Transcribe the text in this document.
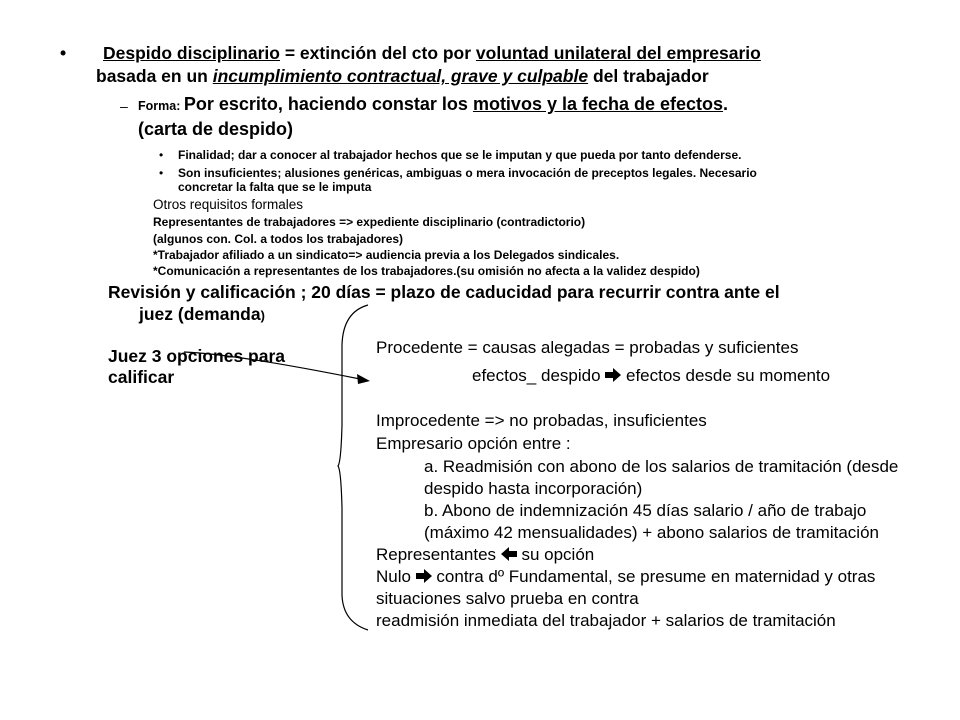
• Despido disciplinario = extinción del cto por voluntad unilateral del empresario
basada en un incumplimiento contractual, grave y culpable del trabajador
– Forma: Por escrito, haciendo constar los motivos y la fecha de efectos.
(carta de despido)
• Finalidad; dar a conocer al trabajador hechos que se le imputan y que pueda por tanto defenderse.
• Son insuficientes; alusiones genéricas, ambiguas o mera invocación de preceptos legales. Necesario
concretar la falta que se le imputa
Otros requisitos formales
Representantes de trabajadores => expediente disciplinario (contradictorio)
(algunos con. Col. a todos los trabajadores)
*Trabajador afiliado a un sindicato=> audiencia previa a los Delegados sindicales.
*Comunicación a representantes de los trabajadores.(su omisión no afecta a la validez despido)
Revisión y calificación ; 20 días = plazo de caducidad para recurrir contra ante el
juez (demanda)
Juez 3 opciones para
calificar
Procedente = causas alegadas = probadas y suficientes
efectos_ despido  efectos desde su momento
Improcedente => no probadas, insuficientes
Empresario opción entre :
a. Readmisión con abono de los salarios de tramitación (desde
despido hasta incorporación)
b. Abono de indemnización 45 días salario / año de trabajo
(máximo 42 mensualidades) + abono salarios de tramitación
Representantes  su opción
Nulo  contra dº Fundamental, se presume en maternidad y otras
situaciones salvo prueba en contra
readmisión inmediata del trabajador + salarios de tramitación
